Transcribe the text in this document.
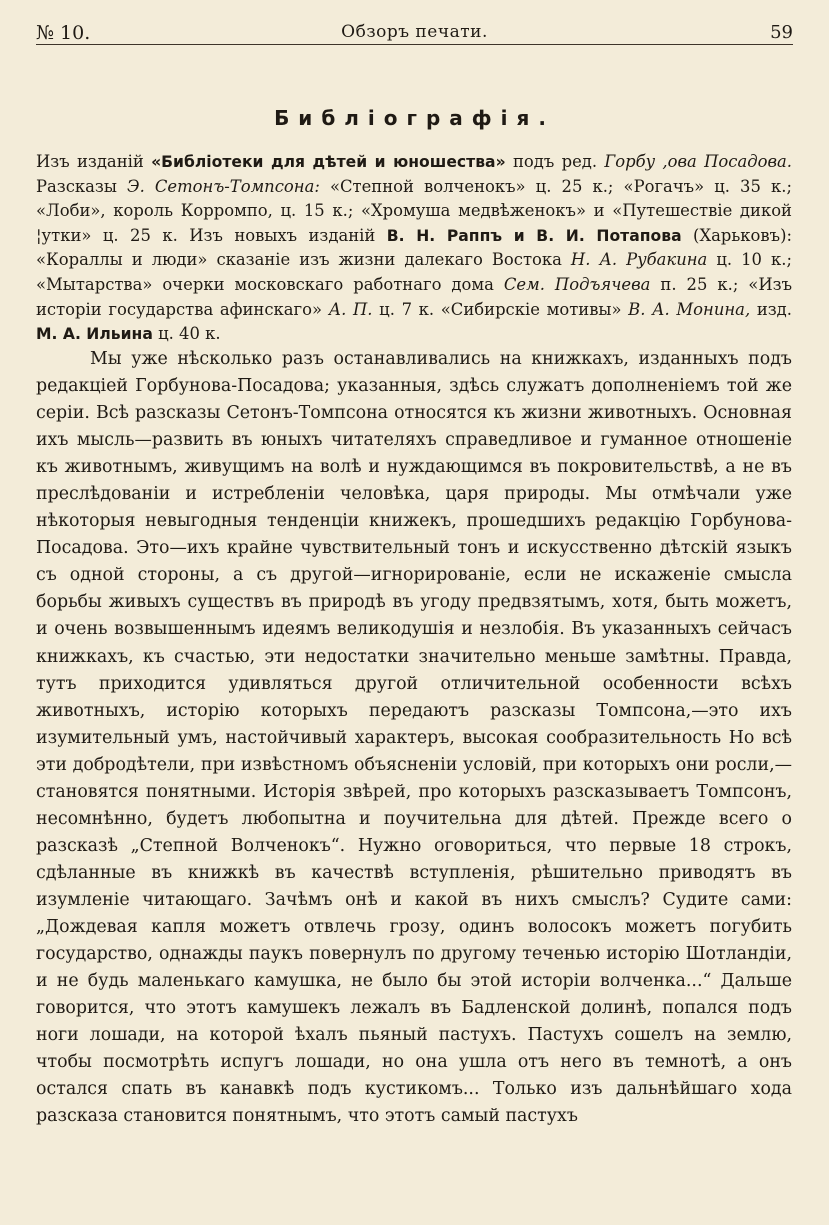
№ 10.	Обзоръ печати.	59
Библіографія.
Изъ изданій «Библіотеки для дѣтей и юношества» подъ ред. Горбу ,ова Посадова. Разсказы Э. Сетонъ-Томпсона: «Степной волченокъ» ц. 25 к.; «Рогачъ» ц. 35 к.; «Лоби», король Корромпо, ц. 15 к.; «Хромуша медвѣженокъ» и «Путешествіе дикой ¦утки» ц. 25 к. Изъ новыхъ изданій В. Н. Раппъ и В. И. Потапова (Харьковъ): «Кораллы и люди» сказаніе изъ жизни далекаго Востока Н. А. Рубакина ц. 10 к.; «Мытарства» очерки московскаго работнаго дома Сем. Подъячева п. 25 к.; «Изъ исторіи государства афинскаго» А. П. ц. 7 к. «Сибирскіе мотивы» В. А. Монина, изд. М. А. Ильина ц. 40 к.

Мы уже нѣсколько разъ останавливались на книжкахъ, изданныхъ подъ редакціей Горбунова-Посадова; указанныя, здѣсь служатъ дополненіемъ той же серіи. Всѣ разсказы Сетонъ-Томпсона относятся къ жизни животныхъ. Основная ихъ мысль—развить въ юныхъ читателяхъ справедливое и гуманное отношеніе къ животнымъ, живущимъ на волѣ и нуждающимся въ покровительствѣ, а не въ преслѣдованіи и истребленіи человѣка, царя природы. Мы отмѣчали уже нѣкоторыя невыгодныя тенденціи книжекъ, прошедшихъ редакцію Горбунова-Посадова. Это—ихъ крайне чувствительный тонъ и искусственно дѣтскій языкъ съ одной стороны, а съ другой—игнорированіе, если не искаженіе смысла борьбы живыхъ существъ въ природѣ въ угоду предвзятымъ, хотя, быть можетъ, и очень возвышеннымъ идеямъ великодушія и незлобія. Въ указанныхъ сейчасъ книжкахъ, къ счастью, эти недостатки значительно меньше замѣтны. Правда, тутъ приходится удивляться другой отличительной особенности всѣхъ животныхъ, исторію которыхъ передаютъ разсказы Томпсона,—это ихъ изумительный умъ, настойчивый характеръ, высокая сообразительность Но всѣ эти добродѣтели, при извѣстномъ объясненіи условій, при которыхъ они росли,—становятся понятными. Исторія звѣрей, про которыхъ разсказываетъ Томпсонъ, несомнѣнно, будетъ любопытна и поучительна для дѣтей. Прежде всего о разсказѣ „Степной Волченокъ“. Нужно оговориться, что первые 18 строкъ, сдѣланные въ книжкѣ въ качествѣ вступленія, рѣшительно приводятъ въ изумленіе читающаго. Зачѣмъ онѣ и какой въ нихъ смыслъ? Судите сами: „Дождевая капля можетъ отвлечь грозу, одинъ волосокъ можетъ погубить государство, однажды паукъ повернулъ по другому теченью исторію Шотландіи, и не будь маленькаго камушка, не было бы этой исторіи волченка...“ Дальше говорится, что этотъ камушекъ лежалъ въ Бадленской долинѣ, попался подъ ноги лошади, на которой ѣхалъ пьяный пастухъ. Пастухъ сошелъ на землю, чтобы посмотрѣть испугъ лошади, но она ушла отъ него въ темнотѣ, а онъ остался спать въ канавкѣ подъ кустикомъ... Только изъ дальнѣйшаго хода разсказа становится понятнымъ, что этотъ самый пастухъ
